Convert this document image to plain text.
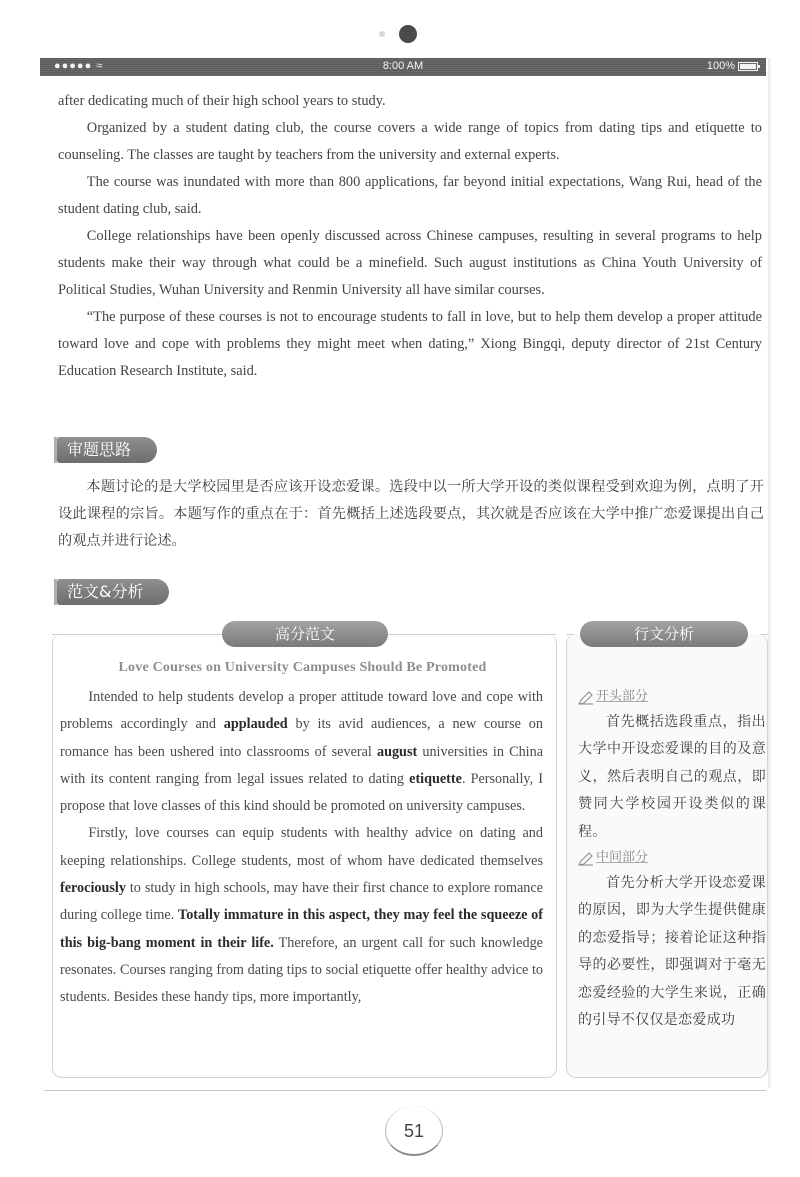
●●●●● ≈	8:00 AM	100%

after dedicating much of their high school years to study.

Organized by a student dating club, the course covers a wide range of topics from dating tips and etiquette to counseling. The classes are taught by teachers from the university and external experts.

The course was inundated with more than 800 applications, far beyond initial expectations, Wang Rui, head of the student dating club, said.

College relationships have been openly discussed across Chinese campuses, resulting in several programs to help students make their way through what could be a minefield. Such august institutions as China Youth University of Political Studies, Wuhan University and Renmin University all have similar courses.

“The purpose of these courses is not to encourage students to fall in love, but to help them develop a proper attitude toward love and cope with problems they might meet when dating,” Xiong Bingqi, deputy director of 21st Century Education Research Institute, said.

审题思路

本题讨论的是大学校园里是否应该开设恋爱课。选段中以一所大学开设的类似课程受到欢迎为例，点明了开设此课程的宗旨。本题写作的重点在于：首先概括上述选段要点，其次就是否应该在大学中推广恋爱课提出自己的观点并进行论述。

范文&分析
高分范文	行文分析
Love Courses on University Campuses Should Be Promoted

Intended to help students develop a proper attitude toward love and cope with problems accordingly and applauded by its avid audiences, a new course on romance has been ushered into classrooms of several august universities in China with its content ranging from legal issues related to dating etiquette. Personally, I propose that love classes of this kind should be promoted on university campuses.

Firstly, love courses can equip students with healthy advice on dating and keeping relationships. College students, most of whom have dedicated themselves ferociously to study in high schools, may have their first chance to explore romance during college time. Totally immature in this aspect, they may feel the squeeze of this big-bang moment in their life. Therefore, an urgent call for such knowledge resonates. Courses ranging from dating tips to social etiquette offer healthy advice to students. Besides these handy tips, more importantly,

开头部分
首先概括选段重点，指出大学中开设恋爱课的目的及意义，然后表明自己的观点，即赞同大学校园开设类似的课程。
中间部分
首先分析大学开设恋爱课的原因，即为大学生提供健康的恋爱指导；接着论证这种指导的必要性，即强调对于毫无恋爱经验的大学生来说，正确的引导不仅仅是恋爱成功
51
